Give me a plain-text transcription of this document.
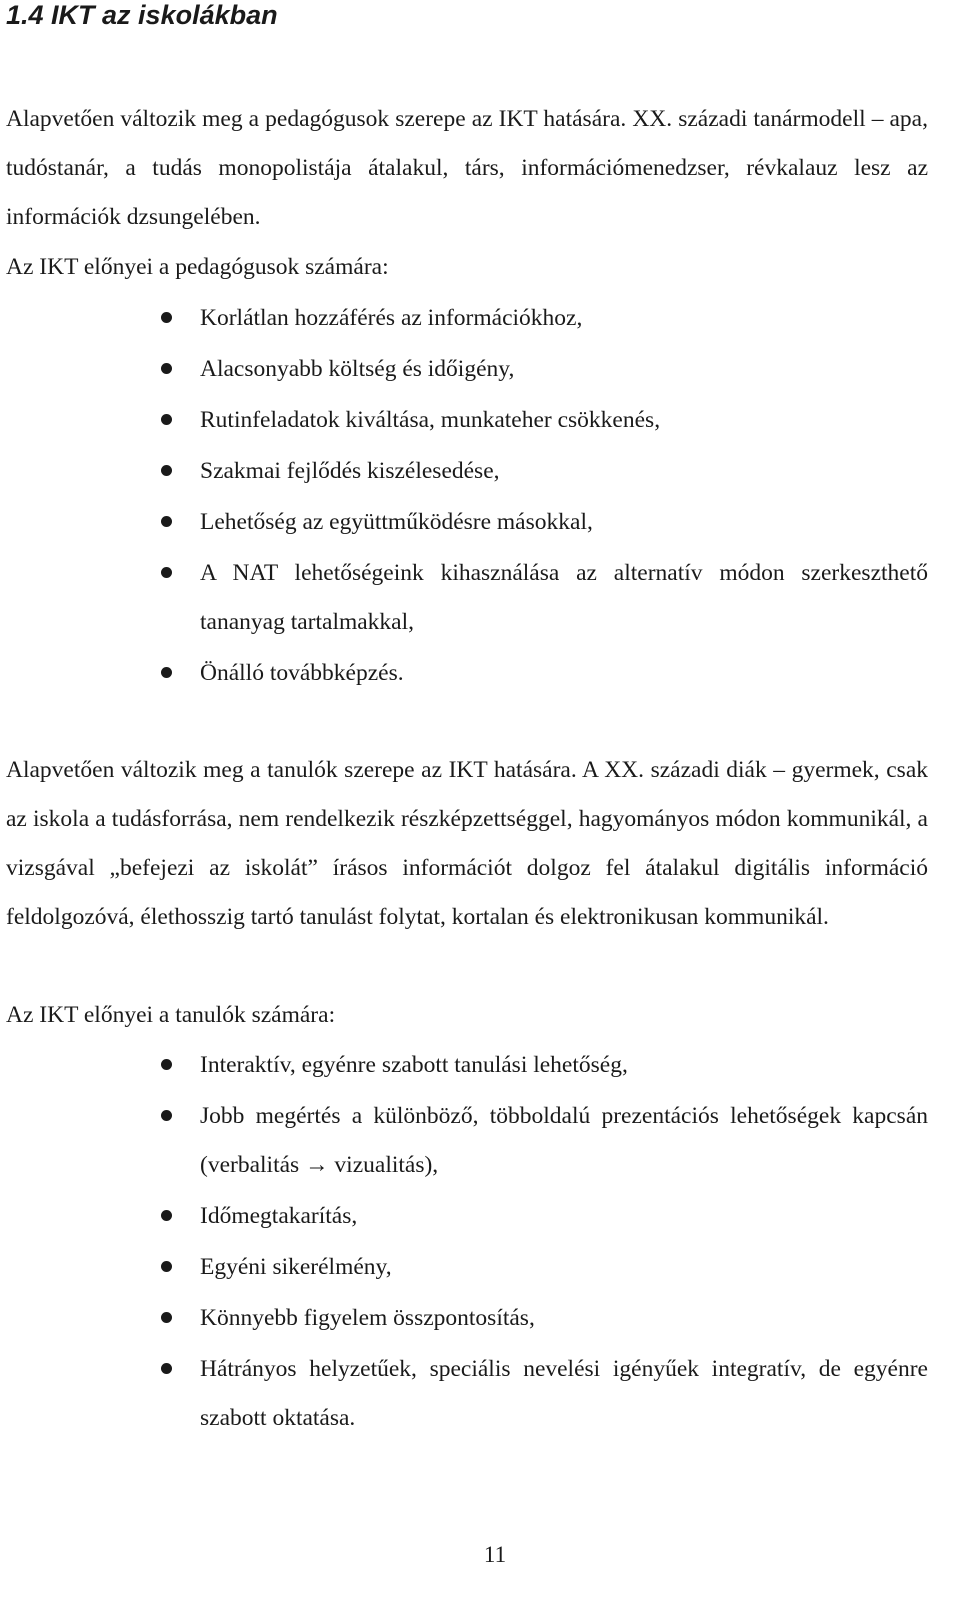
1.4 IKT az iskolákban

Alapvetően változik meg a pedagógusok szerepe az IKT hatására. XX. századi tanármodell – apa, tudóstanár, a tudás monopolistája átalakul, társ, információmenedzser, révkalauz lesz az információk dzsungelében.

Az IKT előnyei a pedagógusok számára:

Korlátlan hozzáférés az információkhoz,
Alacsonyabb költség és időigény,
Rutinfeladatok kiváltása, munkateher csökkenés,
Szakmai fejlődés kiszélesedése,
Lehetőség az együttműködésre másokkal,
A NAT lehetőségeink kihasználása az alternatív módon szerkeszthető tananyag tartalmakkal,
Önálló továbbképzés.

Alapvetően változik meg a tanulók szerepe az IKT hatására. A XX. századi diák – gyermek, csak az iskola a tudásforrása, nem rendelkezik részképzettséggel, hagyományos módon kommunikál, a vizsgával „befejezi az iskolát” írásos információt dolgoz fel átalakul digitális információ feldolgozóvá, élethosszig tartó tanulást folytat, kortalan és elektronikusan kommunikál.

Az IKT előnyei a tanulók számára:

Interaktív, egyénre szabott tanulási lehetőség,
Jobb megértés a különböző, többoldalú prezentációs lehetőségek kapcsán (verbalitás → vizualitás),
Időmegtakarítás,
Egyéni sikerélmény,
Könnyebb figyelem összpontosítás,
Hátrányos helyzetűek, speciális nevelési igényűek integratív, de egyénre szabott oktatása.
11
